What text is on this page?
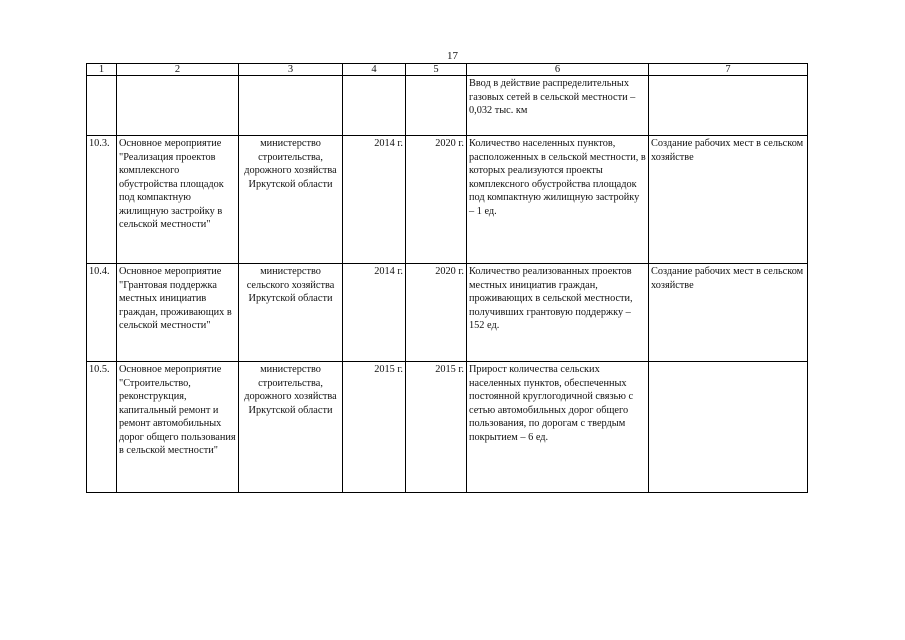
17
1	2	3	4	5	6	7
					Ввод в действие распределительных газовых сетей в сельской местности – 0,032 тыс. км	
10.3.	Основное мероприятие "Реализация проектов комплексного обустройства площадок под компактную жилищную застройку в сельской местности"	министерство строительства, дорожного хозяйства Иркутской области	2014 г.	2020 г.	Количество населенных пунктов, расположенных в сельской местности, в которых реализуются проекты комплексного обустройства площадок под компактную жилищную застройку – 1 ед.	Создание рабочих мест в сельском хозяйстве
10.4.	Основное мероприятие "Грантовая поддержка местных инициатив граждан, проживающих в сельской местности"	министерство сельского хозяйства Иркутской области	2014 г.	2020 г.	Количество реализованных проектов местных инициатив граждан, проживающих в сельской местности, получивших грантовую поддержку – 152 ед.	Создание рабочих мест в сельском хозяйстве
10.5.	Основное мероприятие "Строительство, реконструкция, капитальный ремонт и ремонт автомобильных дорог общего пользования в сельской местности"	министерство строительства, дорожного хозяйства Иркутской области	2015 г.	2015 г.	Прирост количества сельских населенных пунктов, обеспеченных постоянной круглогодичной связью с сетью автомобильных дорог общего пользования, по дорогам с твердым покрытием – 6 ед.	
